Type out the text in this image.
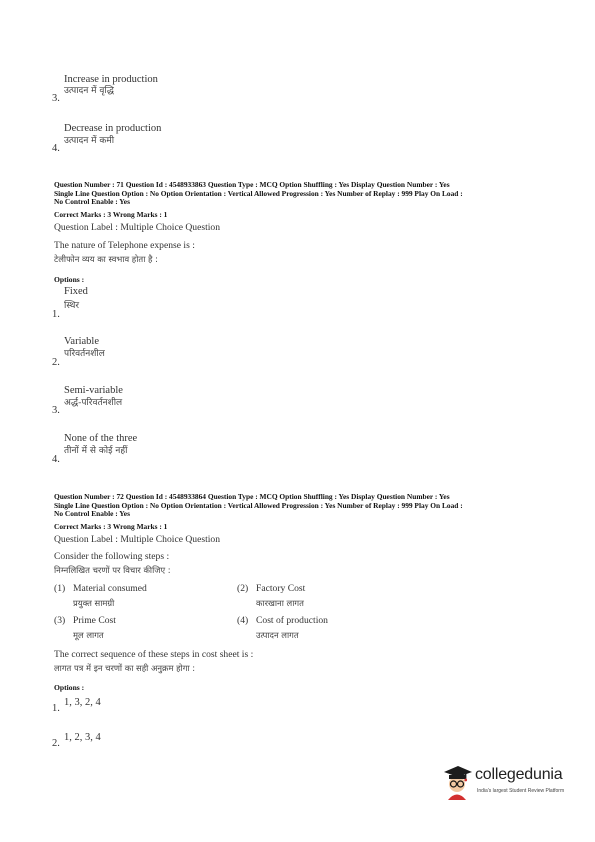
Increase in production
उत्पादन में वृद्धि
3.
Decrease in production
उत्पादन में कमी
4.
Question Number : 71 Question Id : 4548933863 Question Type : MCQ Option Shuffling : Yes Display Question Number : Yes
Single Line Question Option : No Option Orientation : Vertical Allowed Progression : Yes Number of Replay : 999 Play On Load :
No Control Enable : Yes
Correct Marks : 3 Wrong Marks : 1
Question Label : Multiple Choice Question
The nature of Telephone expense is :
टेलीफोन व्यय का स्वभाव होता है :
Options :
Fixed
स्थिर
1.
Variable
परिवर्तनशील
2.
Semi-variable
अर्द्ध-परिवर्तनशील
3.
None of the three
तीनों में से कोई नहीं
4.
Question Number : 72 Question Id : 4548933864 Question Type : MCQ Option Shuffling : Yes Display Question Number : Yes
Single Line Question Option : No Option Orientation : Vertical Allowed Progression : Yes Number of Replay : 999 Play On Load :
No Control Enable : Yes
Correct Marks : 3 Wrong Marks : 1
Question Label : Multiple Choice Question
Consider the following steps :
निम्नलिखित चरणों पर विचार कीजिए :
(1) Material consumed
प्रयुक्त सामग्री
(2) Factory Cost
कारखाना लागत
(3) Prime Cost
मूल लागत
(4) Cost of production
उत्पादन लागत
The correct sequence of these steps in cost sheet is :
लागत पत्र में इन चरणों का सही अनुक्रम होगा :
Options :
1, 3, 2, 4
1.
1, 2, 3, 4
2.
collegedunia
India's largest Student Review Platform
